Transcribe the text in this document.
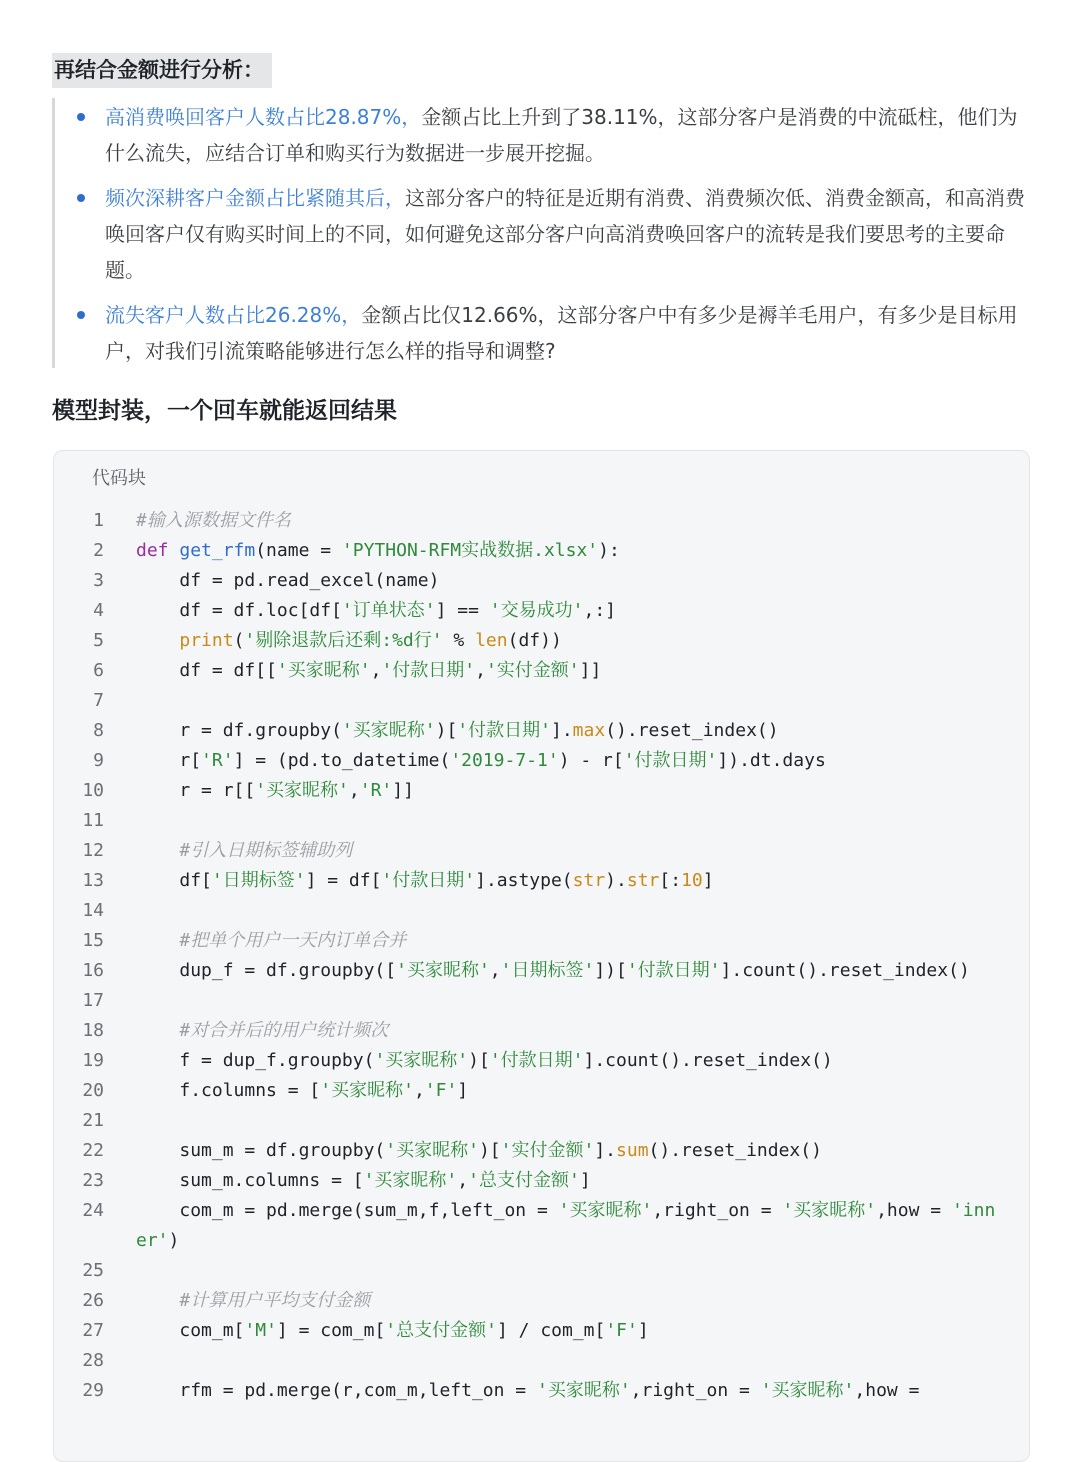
再结合金额进行分析：
高消费唤回客户人数占比28.87%，金额占比上升到了38.11%，这部分客户是消费的中流砥柱，他们为什么流失，应结合订单和购买行为数据进一步展开挖掘。
频次深耕客户金额占比紧随其后，这部分客户的特征是近期有消费、消费频次低、消费金额高，和高消费唤回客户仅有购买时间上的不同，如何避免这部分客户向高消费唤回客户的流转是我们要思考的主要命题。
流失客户人数占比26.28%，金额占比仅12.66%，这部分客户中有多少是褥羊毛用户，有多少是目标用户，对我们引流策略能够进行怎么样的指导和调整?
模型封装，一个回车就能返回结果
代码块
1 #输入源数据文件名
2 def get_rfm(name = 'PYTHON-RFM实战数据.xlsx'):
3 df = pd.read_excel(name)
4 df = df.loc[df['订单状态'] == '交易成功',:]
5	print('剔除退款后还剩:%d行' % len(df))
6 df = df[['买家昵称','付款日期','实付金额']]
7
8 r = df.groupby('买家昵称')['付款日期'].max().reset_index()
9 r['R'] = (pd.to_datetime('2019-7-1') - r['付款日期']).dt.days
10 r = r[['买家昵称','R']]
11
12	#引入日期标签辅助列
13 df['日期标签'] = df['付款日期'].astype(str).str[:10]
14
15	#把单个用户一天内订单合并
16 dup_f = df.groupby(['买家昵称','日期标签'])['付款日期'].count().reset_index()
17
18	#对合并后的用户统计频次
19 f = dup_f.groupby('买家昵称')['付款日期'].count().reset_index()
20 f.columns = ['买家昵称','F']
21
22 sum_m = df.groupby('买家昵称')['实付金额'].sum().reset_index()
23 sum_m.columns = ['买家昵称','总支付金额']
24 com_m = pd.merge(sum_m,f,left_on = '买家昵称',right_on = '买家昵称',how = 'inner')
25
26	#计算用户平均支付金额
27 com_m['M'] = com_m['总支付金额'] / com_m['F']
28
29 rfm = pd.merge(r,com_m,left_on = '买家昵称',right_on = '买家昵称',how =
